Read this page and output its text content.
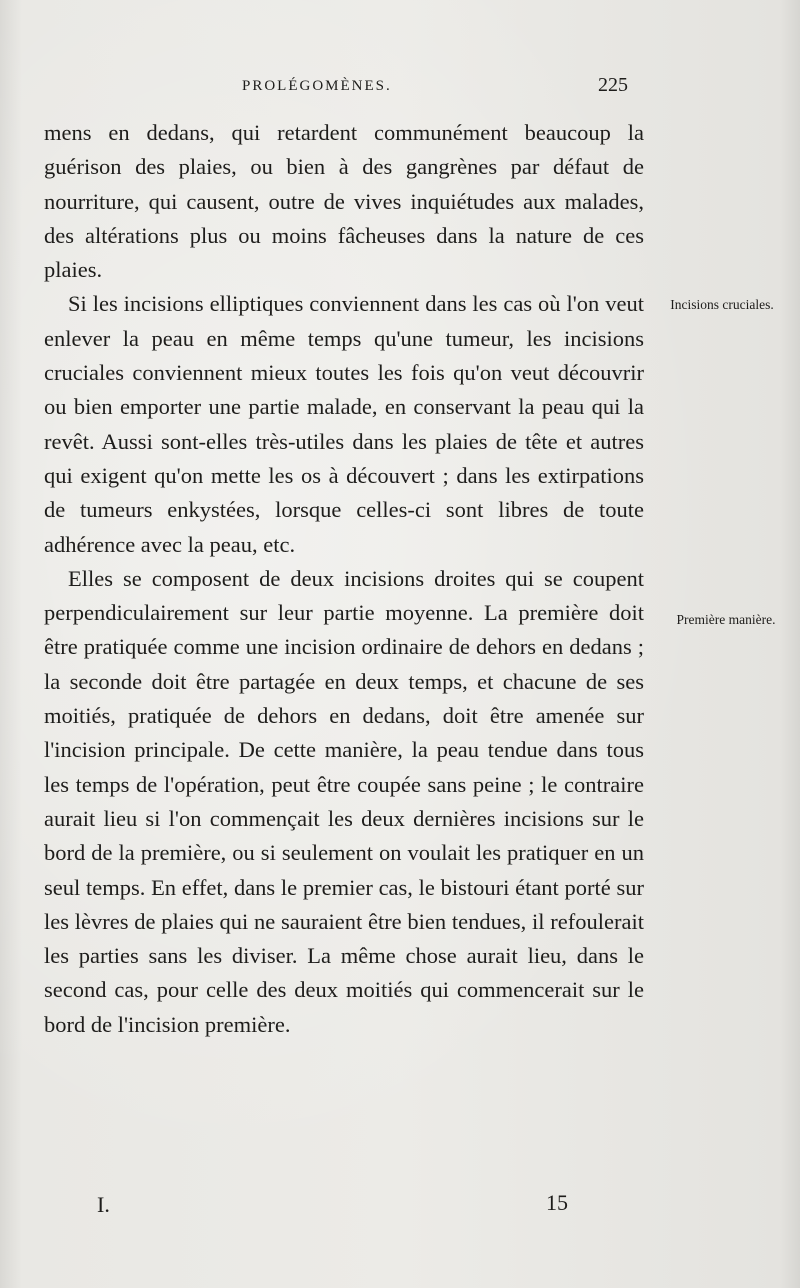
PROLÉGOMÈNES.	225

mens en dedans, qui retardent communément beaucoup la guérison des plaies, ou bien à des gangrènes par défaut de nourriture, qui causent, outre de vives inquiétudes aux malades, des altérations plus ou moins fâcheuses dans la nature de ces plaies.

Si les incisions elliptiques conviennent dans les cas où l'on veut enlever la peau en même temps qu'une tumeur, les incisions cruciales conviennent mieux toutes les fois qu'on veut découvrir ou bien emporter une partie malade, en conservant la peau qui la revêt. Aussi sont-elles très-utiles dans les plaies de tête et autres qui exigent qu'on mette les os à découvert ; dans les extirpations de tumeurs enkystées, lorsque celles-ci sont libres de toute adhérence avec la peau, etc.

Elles se composent de deux incisions droites qui se coupent perpendiculairement sur leur partie moyenne. La première doit être pratiquée comme une incision ordinaire de dehors en dedans ; la seconde doit être partagée en deux temps, et chacune de ses moitiés, pratiquée de dehors en dedans, doit être amenée sur l'incision principale. De cette manière, la peau tendue dans tous les temps de l'opération, peut être coupée sans peine ; le contraire aurait lieu si l'on commençait les deux dernières incisions sur le bord de la première, ou si seulement on voulait les pratiquer en un seul temps. En effet, dans le premier cas, le bistouri étant porté sur les lèvres de plaies qui ne sauraient être bien tendues, il refoulerait les parties sans les diviser. La même chose aurait lieu, dans le second cas, pour celle des deux moitiés qui commencerait sur le bord de l'incision première.

Incisions cruciales.
Première manière.
I.	15
